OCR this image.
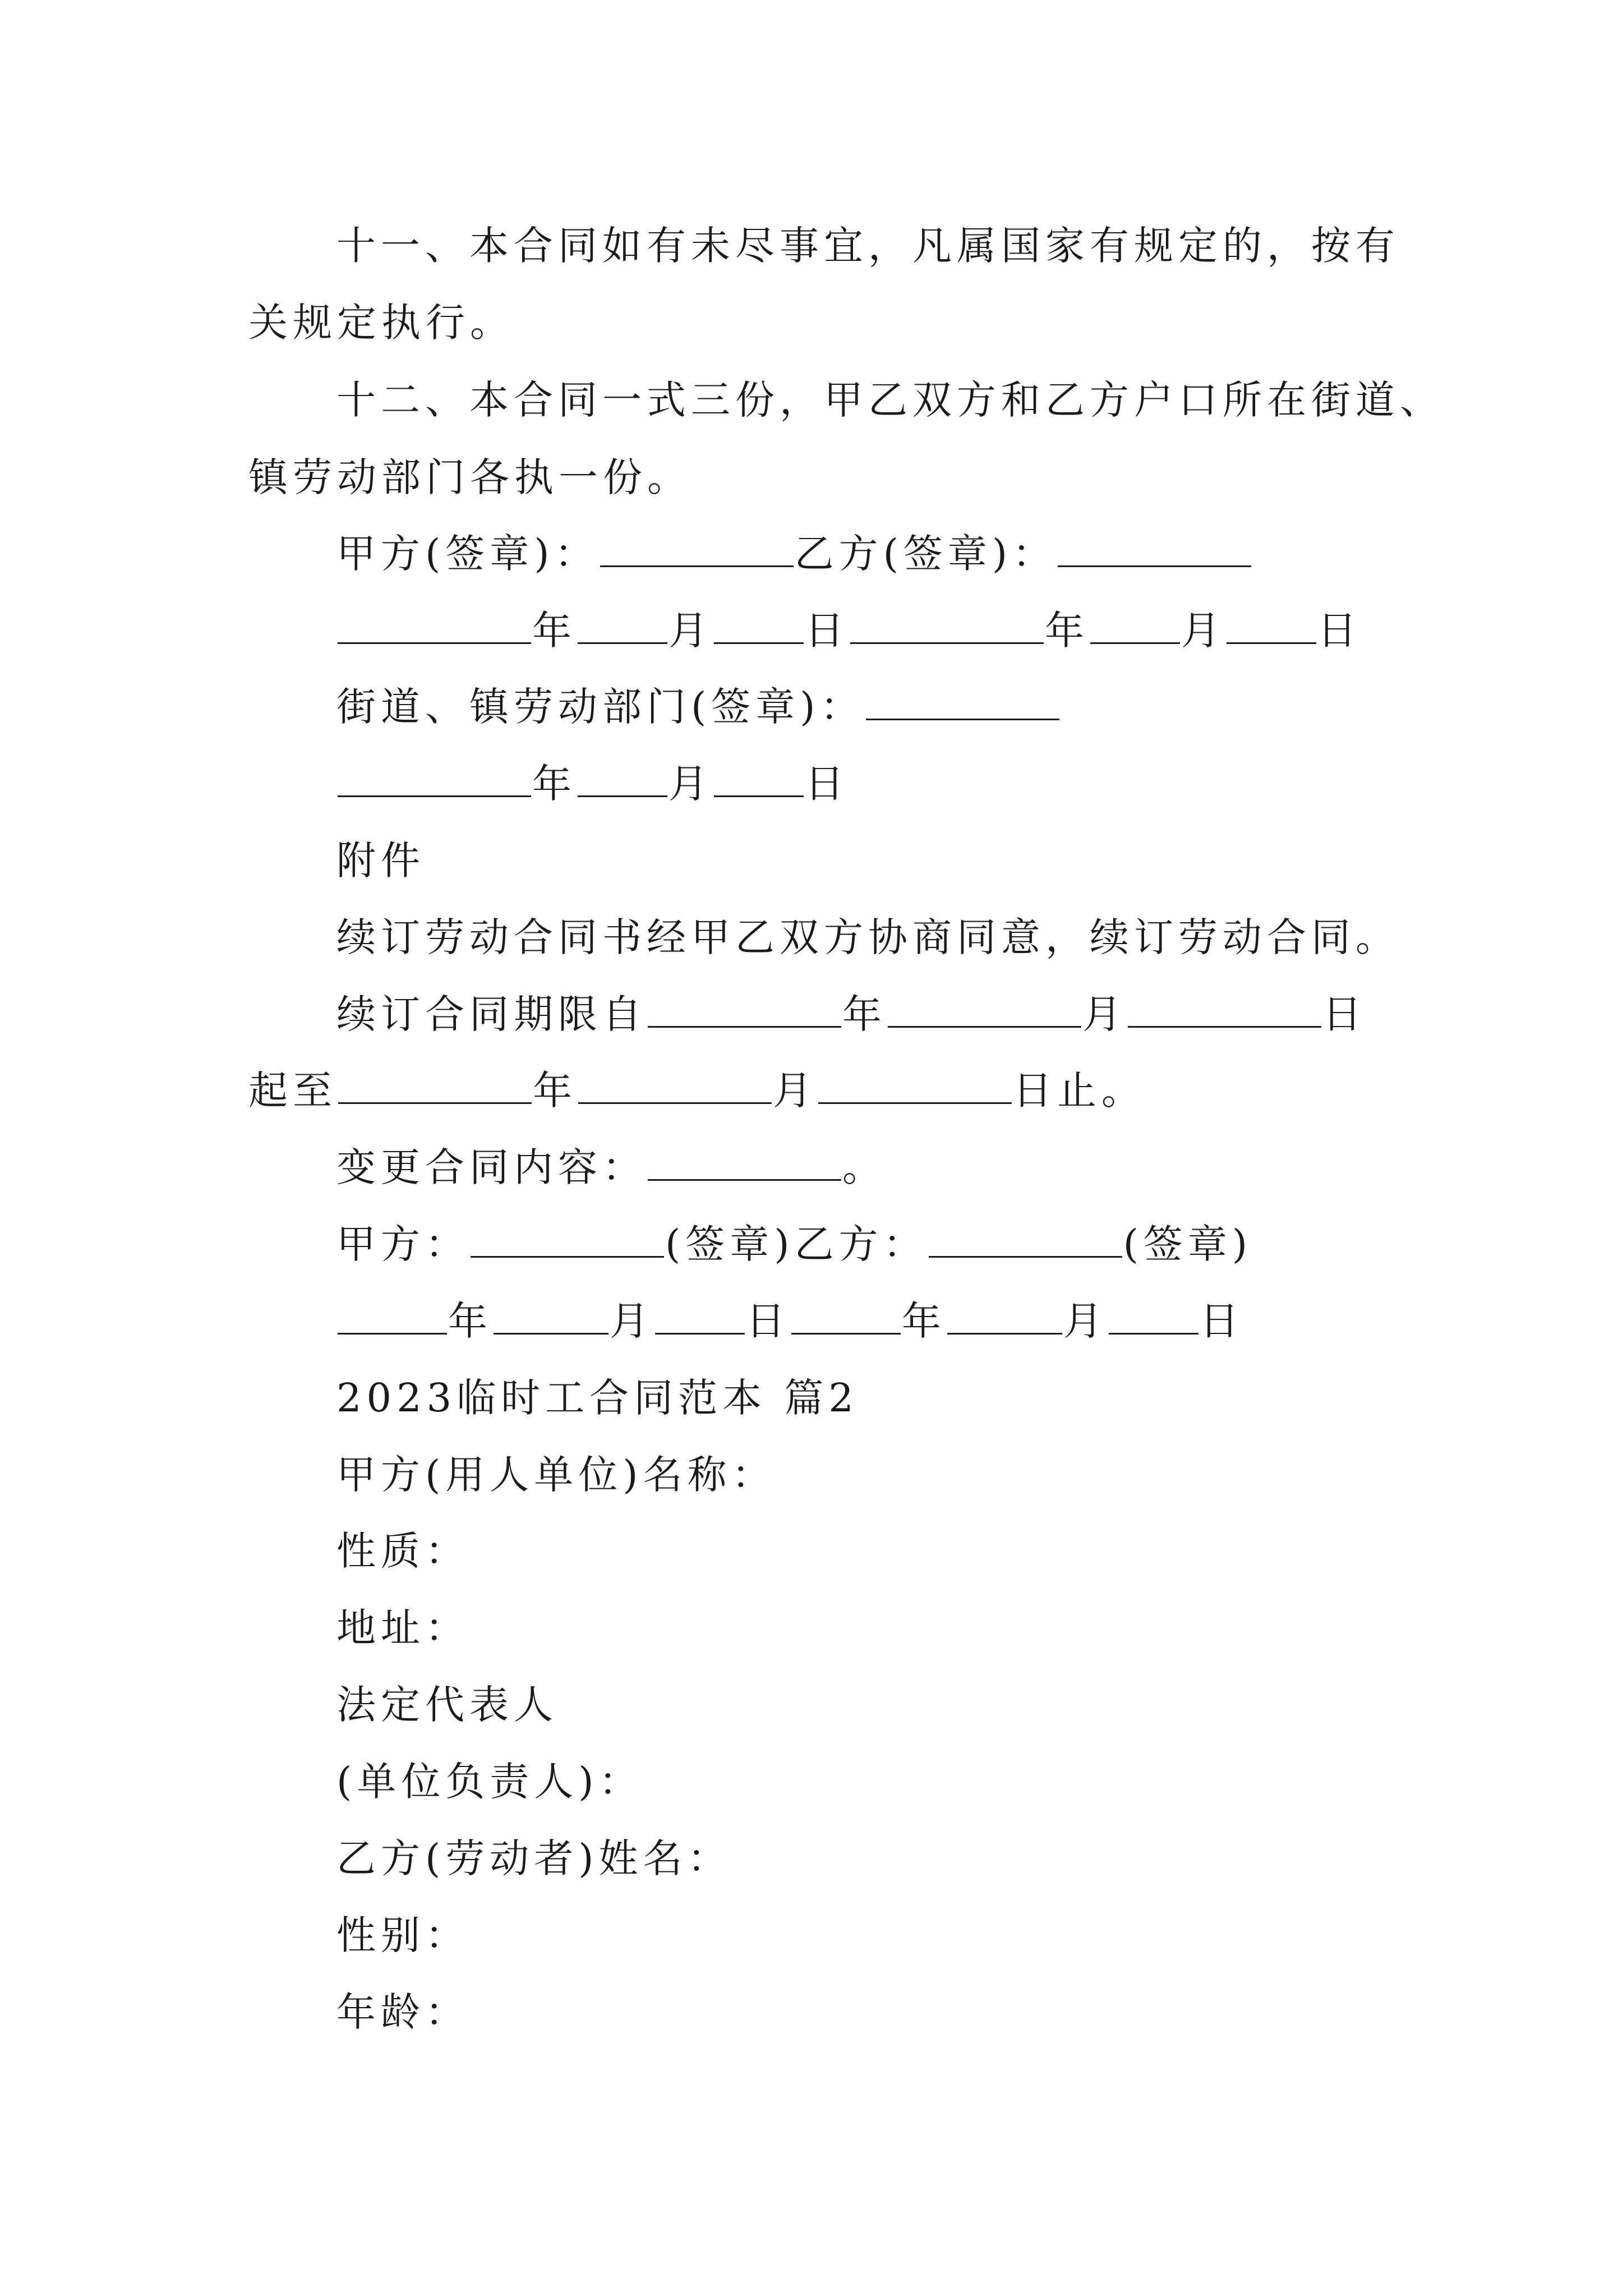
十一、本合同如有未尽事宜，凡属国家有规定的，按有
关规定执行。
十二、本合同一式三份，甲乙双方和乙方户口所在街道、
镇劳动部门各执一份。
甲方(签章)：	乙方(签章)：
年 月 日	年 月 日
街道、镇劳动部门(签章)：
年 月 日
附件
续订劳动合同书经甲乙双方协商同意，续订劳动合同。
续订合同期限自	年	月	日
起至	年	月	日止。
变更合同内容：	。
甲方：	(签章)乙方：	(签章)
年	月 日	年	月 日
2023临时工合同范本 篇2
甲方(用人单位)名称：
性质：
地址：
法定代表人
(单位负责人)：
乙方(劳动者)姓名：
性别：
年龄：
